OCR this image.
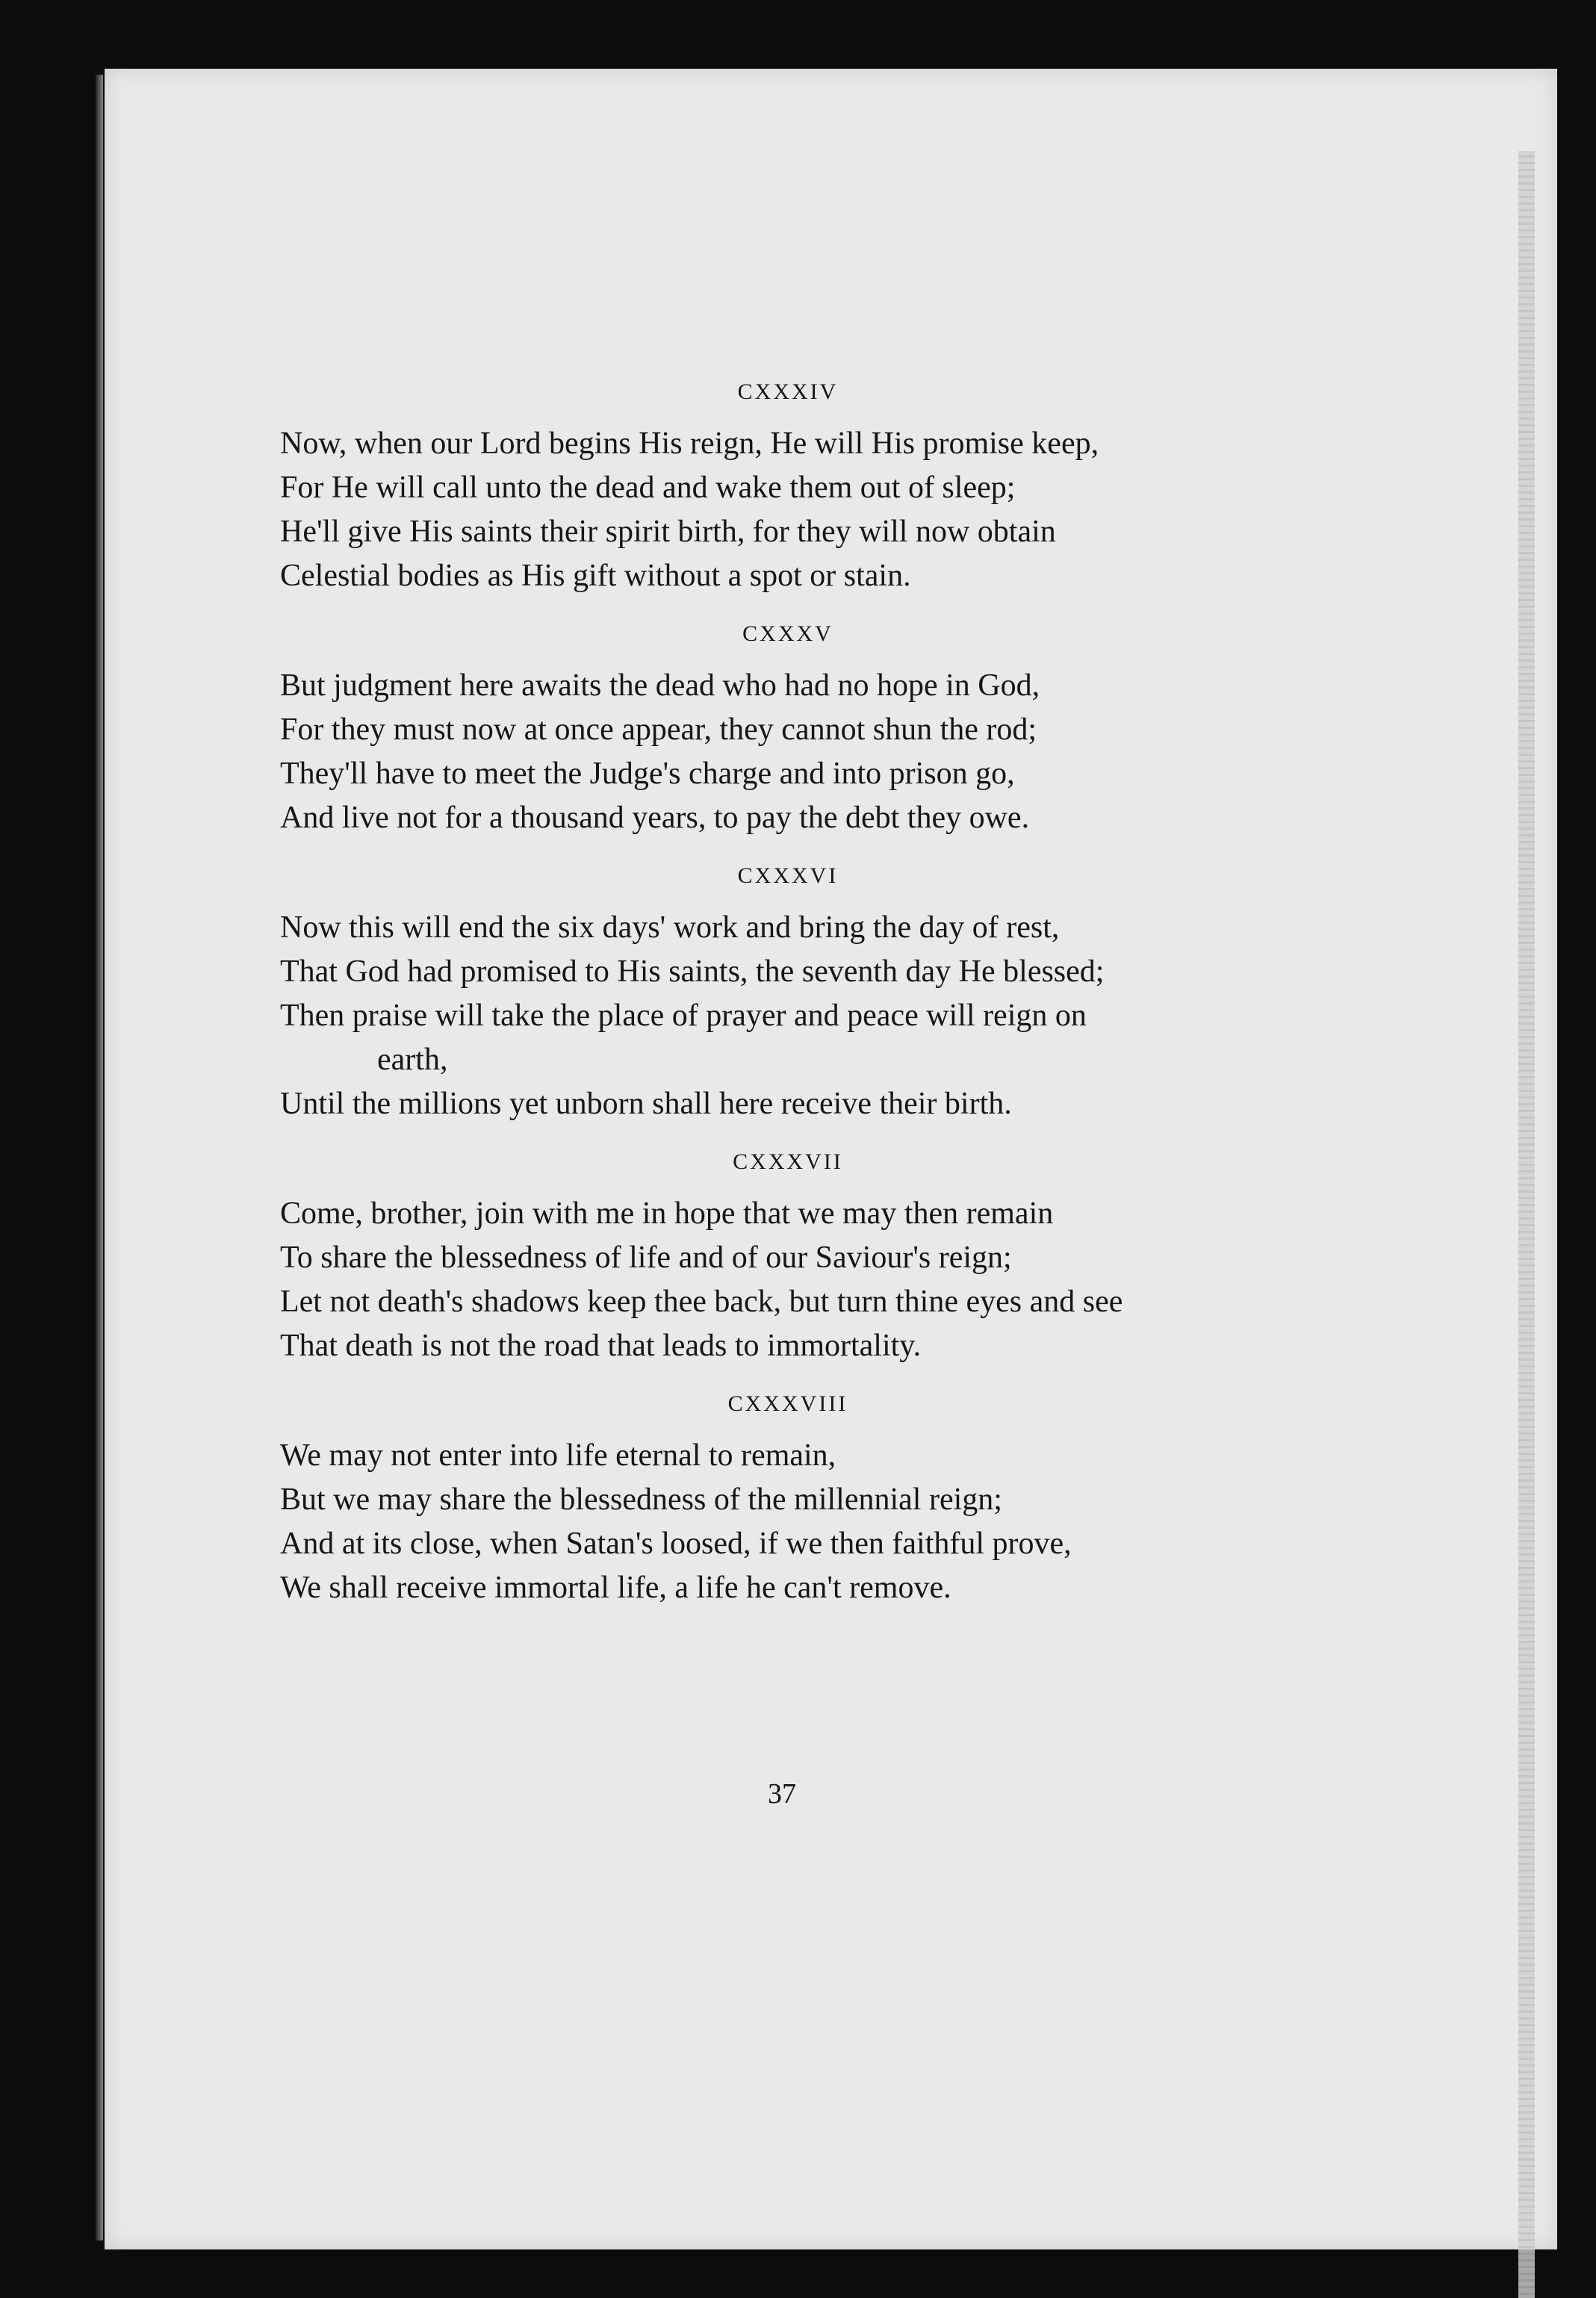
CXXXIV
Now, when our Lord begins His reign, He will His promise keep,
For He will call unto the dead and wake them out of sleep;
He'll give His saints their spirit birth, for they will now obtain
Celestial bodies as His gift without a spot or stain.
CXXXV
But judgment here awaits the dead who had no hope in God,
For they must now at once appear, they cannot shun the rod;
They'll have to meet the Judge's charge and into prison go,
And live not for a thousand years, to pay the debt they owe.
CXXXVI
Now this will end the six days' work and bring the day of rest,
That God had promised to His saints, the seventh day He blessed;
Then praise will take the place of prayer and peace will reign on
earth,
Until the millions yet unborn shall here receive their birth.
CXXXVII
Come, brother, join with me in hope that we may then remain
To share the blessedness of life and of our Saviour's reign;
Let not death's shadows keep thee back, but turn thine eyes and see
That death is not the road that leads to immortality.
CXXXVIII
We may not enter into life eternal to remain,
But we may share the blessedness of the millennial reign;
And at its close, when Satan's loosed, if we then faithful prove,
We shall receive immortal life, a life he can't remove.
37
